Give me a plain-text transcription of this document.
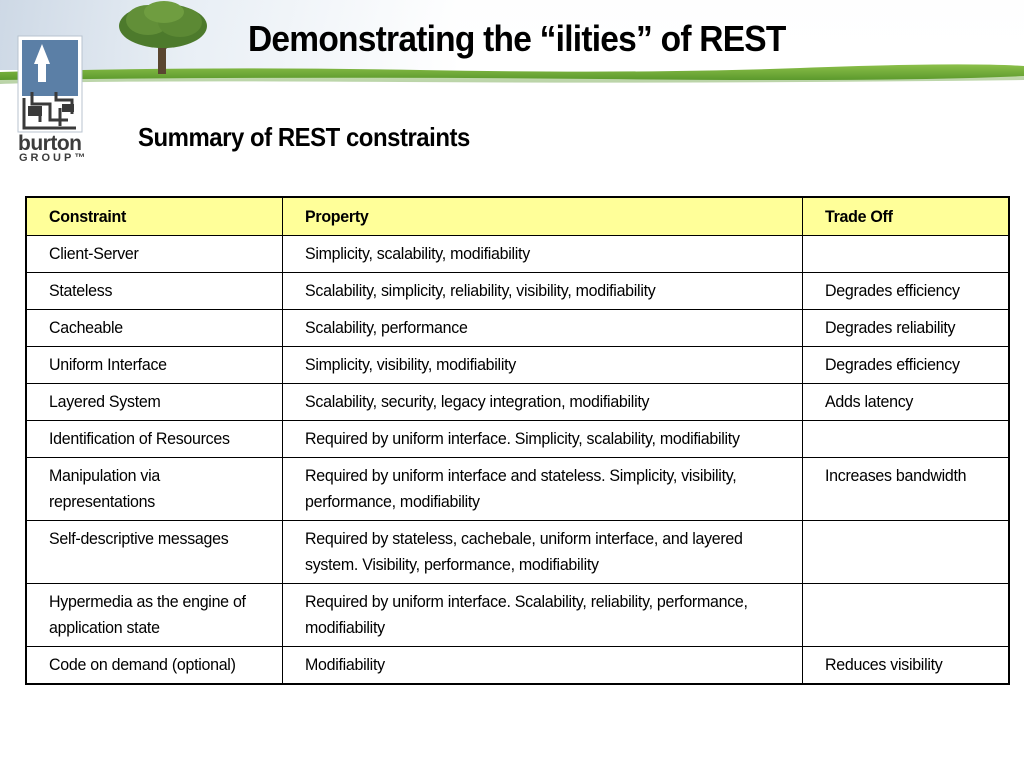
Demonstrating the “ilities” of REST
burton
GROUP™
Summary of REST constraints
Constraint	Property	Trade Off

Client-Server	Simplicity, scalability, modifiability	

Stateless	Scalability, simplicity, reliability, visibility, modifiability	Degrades efficiency

Cacheable	Scalability, performance	Degrades reliability

Uniform Interface	Simplicity, visibility, modifiability	Degrades efficiency

Layered System	Scalability, security, legacy integration, modifiability	Adds latency

Identification of Resources	Required by uniform interface. Simplicity, scalability, modifiability	

Manipulation via representations	Required by uniform interface and stateless. Simplicity, visibility, performance, modifiability	Increases bandwidth

Self-descriptive messages	Required by stateless, cachebale, uniform interface, and layered system. Visibility, performance, modifiability	

Hypermedia as the engine of application state	Required by uniform interface. Scalability, reliability, performance, modifiability	

Code on demand (optional)	Modifiability	Reduces visibility
